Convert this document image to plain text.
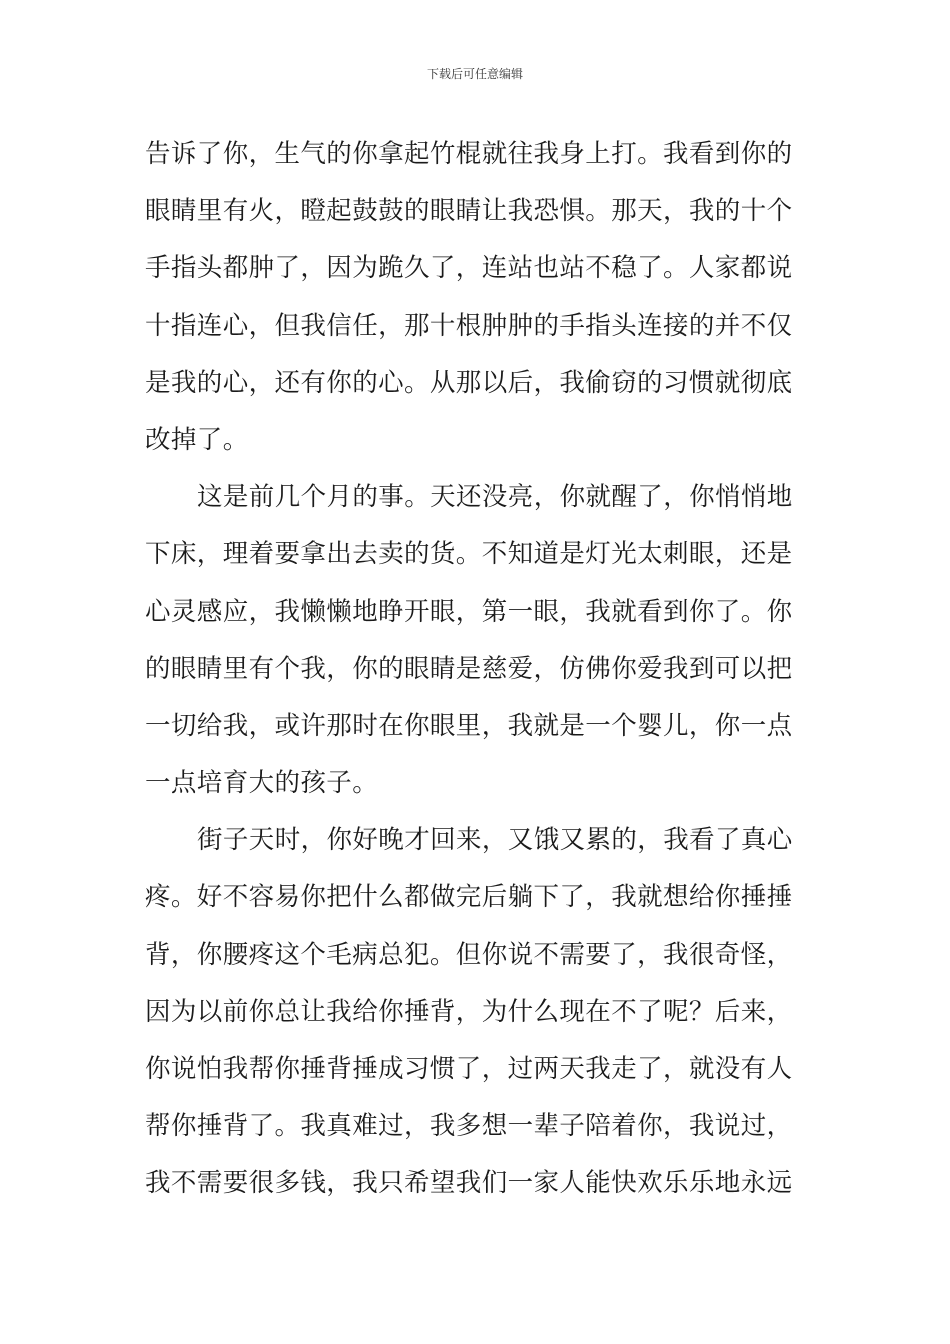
下载后可任意编辑
告诉了你，生气的你拿起竹棍就往我身上打。我看到你的
眼睛里有火，瞪起鼓鼓的眼睛让我恐惧。那天，我的十个
手指头都肿了，因为跪久了，连站也站不稳了。人家都说
十指连心，但我信任，那十根肿肿的手指头连接的并不仅
是我的心，还有你的心。从那以后，我偷窃的习惯就彻底
改掉了。
这是前几个月的事。天还没亮，你就醒了，你悄悄地
下床，理着要拿出去卖的货。不知道是灯光太刺眼，还是
心灵感应，我懒懒地睁开眼，第一眼，我就看到你了。你
的眼睛里有个我，你的眼睛是慈爱，仿佛你爱我到可以把
一切给我，或许那时在你眼里，我就是一个婴儿，你一点
一点培育大的孩子。
街子天时，你好晚才回来，又饿又累的，我看了真心
疼。好不容易你把什么都做完后躺下了，我就想给你捶捶
背，你腰疼这个毛病总犯。但你说不需要了，我很奇怪，
因为以前你总让我给你捶背，为什么现在不了呢？后来，
你说怕我帮你捶背捶成习惯了，过两天我走了，就没有人
帮你捶背了。我真难过，我多想一辈子陪着你，我说过，
我不需要很多钱，我只希望我们一家人能快欢乐乐地永远
